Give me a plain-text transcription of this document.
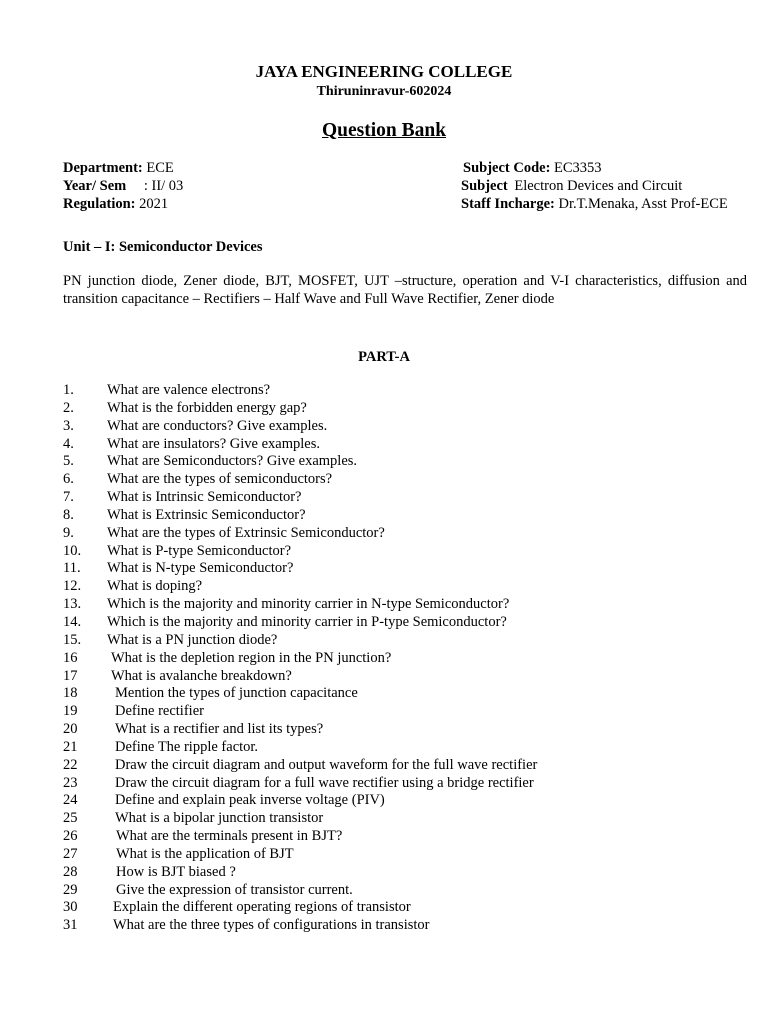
JAYA ENGINEERING COLLEGE
Thiruninravur-602024
Question Bank
Department: ECE
Year/ Sem : II/ 03
Regulation: 2021
Subject Code: EC3353
Subject Electron Devices and Circuit
Staff Incharge: Dr.T.Menaka, Asst Prof-ECE
Unit – I: Semiconductor Devices
PN junction diode, Zener diode, BJT, MOSFET, UJT –structure, operation and V-I characteristics, diffusion and transition capacitance – Rectifiers – Half Wave and Full Wave Rectifier, Zener diode
PART-A
1. What are valence electrons?
2. What is the forbidden energy gap?
3. What are conductors? Give examples.
4. What are insulators? Give examples.
5. What are Semiconductors? Give examples.
6. What are the types of semiconductors?
7. What is Intrinsic Semiconductor?
8. What is Extrinsic Semiconductor?
9. What are the types of Extrinsic Semiconductor?
10. What is P-type Semiconductor?
11. What is N-type Semiconductor?
12. What is doping?
13. Which is the majority and minority carrier in N-type Semiconductor?
14. Which is the majority and minority carrier in P-type Semiconductor?
15. What is a PN junction diode?
16 What is the depletion region in the PN junction?
17 What is avalanche breakdown?
18	Mention the types of junction capacitance
19	Define rectifier
20	What is a rectifier and list its types?
21	Define The ripple factor.
22	Draw the circuit diagram and output waveform for the full wave rectifier
23	Draw the circuit diagram for a full wave rectifier using a bridge rectifier
24	Define and explain peak inverse voltage (PIV)
25	What is a bipolar junction transistor
26	What are the terminals present in BJT?
27	What is the application of BJT
28	How is BJT biased ?
29	Give the expression of transistor current.
30 Explain the different operating regions of transistor
31 What are the three types of configurations in transistor
